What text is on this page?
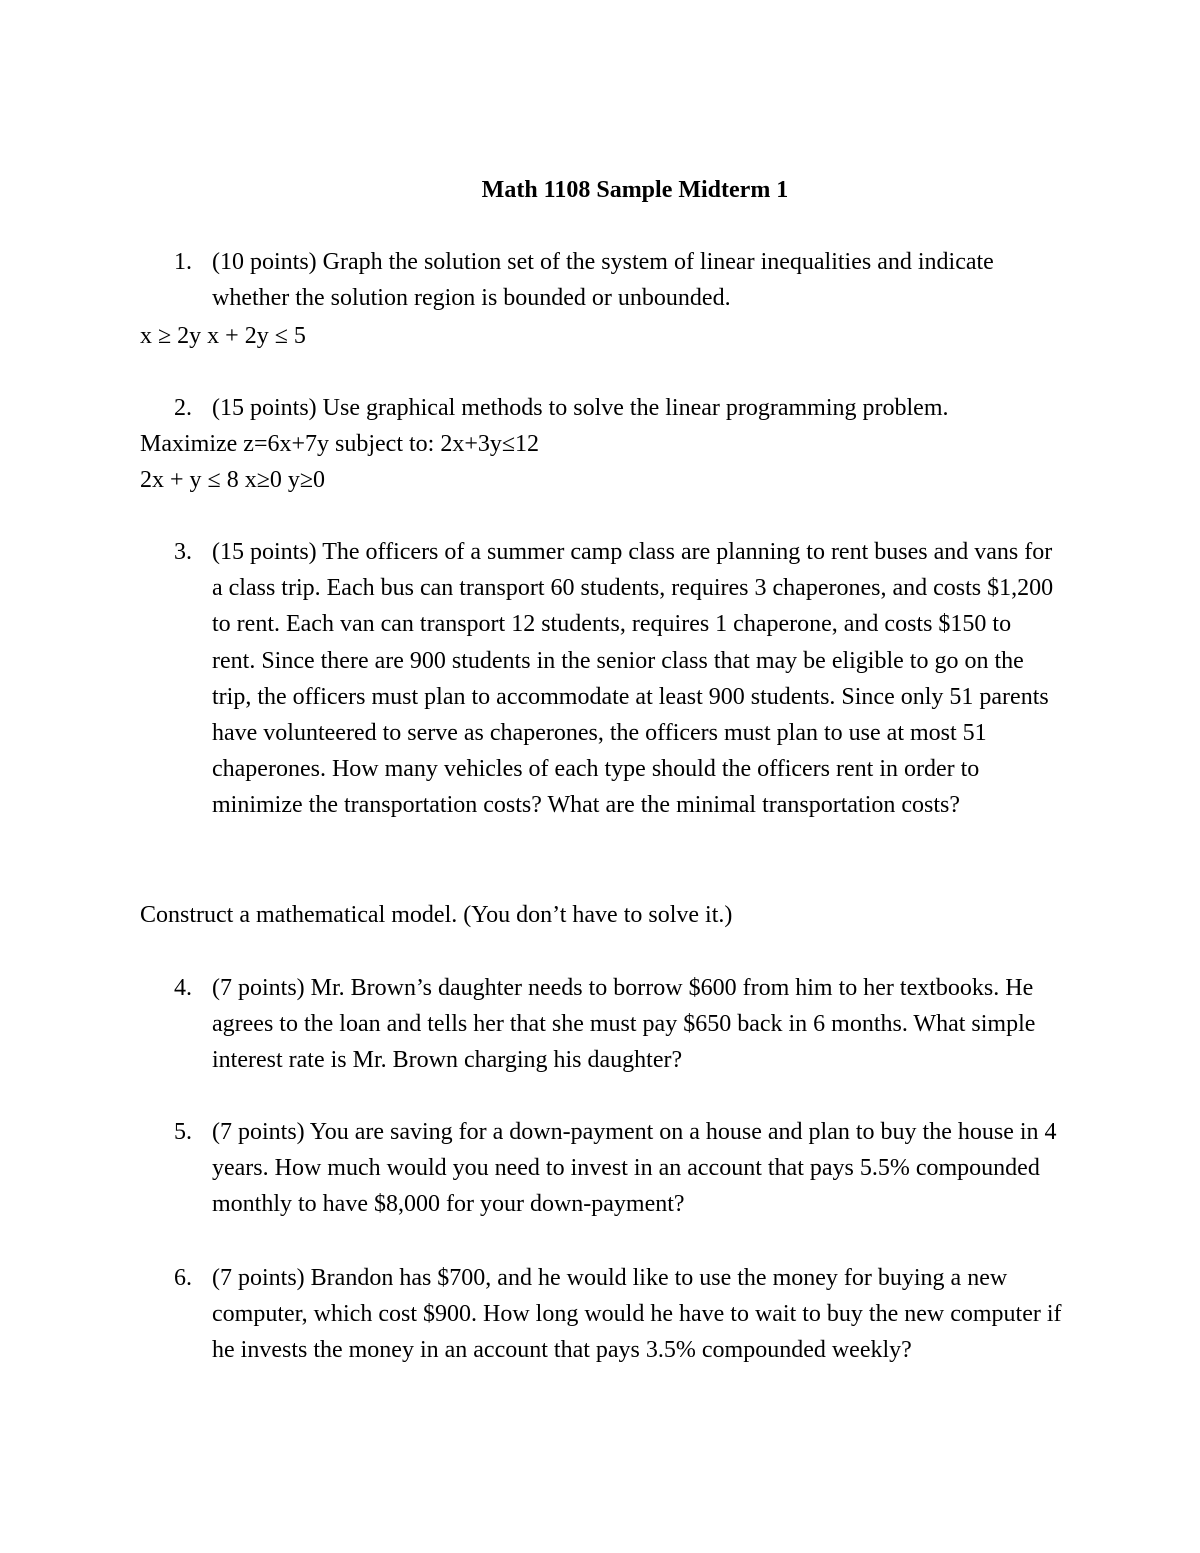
Math 1108 Sample Midterm 1
1. (10 points) Graph the solution set of the system of linear inequalities and indicate whether the solution region is bounded or unbounded.
x ≥ 2y x + 2y ≤ 5
2. (15 points) Use graphical methods to solve the linear programming problem.
Maximize z=6x+7y subject to: 2x+3y≤12
2x + y ≤ 8 x≥0 y≥0
3. (15 points) The officers of a summer camp class are planning to rent buses and vans for a class trip. Each bus can transport 60 students, requires 3 chaperones, and costs $1,200 to rent. Each van can transport 12 students, requires 1 chaperone, and costs $150 to rent. Since there are 900 students in the senior class that may be eligible to go on the trip, the officers must plan to accommodate at least 900 students. Since only 51 parents have volunteered to serve as chaperones, the officers must plan to use at most 51 chaperones. How many vehicles of each type should the officers rent in order to minimize the transportation costs? What are the minimal transportation costs?
Construct a mathematical model. (You don’t have to solve it.)
4. (7 points) Mr. Brown’s daughter needs to borrow $600 from him to her textbooks. He agrees to the loan and tells her that she must pay $650 back in 6 months. What simple interest rate is Mr. Brown charging his daughter?
5. (7 points) You are saving for a down-payment on a house and plan to buy the house in 4 years. How much would you need to invest in an account that pays 5.5% compounded monthly to have $8,000 for your down-payment?
6. (7 points) Brandon has $700, and he would like to use the money for buying a new computer, which cost $900. How long would he have to wait to buy the new computer if he invests the money in an account that pays 3.5% compounded weekly?
